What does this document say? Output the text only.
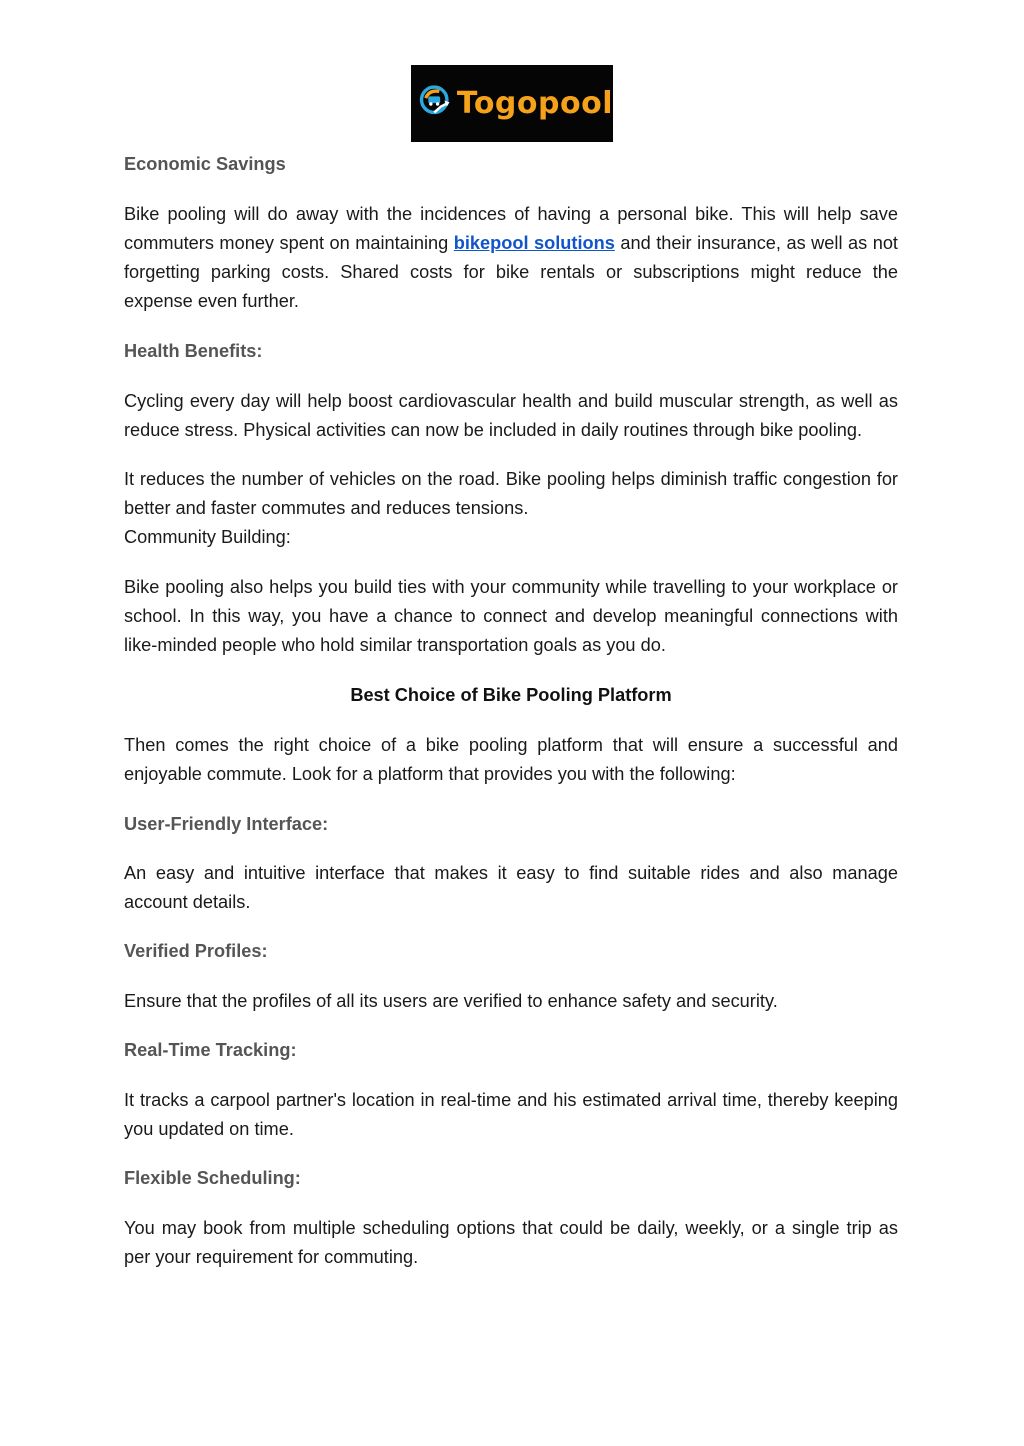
Togopool

Economic Savings

Bike pooling will do away with the incidences of having a personal bike. This will help save commuters money spent on maintaining bikepool solutions and their insurance, as well as not forgetting parking costs. Shared costs for bike rentals or subscriptions might reduce the expense even further.

Health Benefits:

Cycling every day will help boost cardiovascular health and build muscular strength, as well as reduce stress. Physical activities can now be included in daily routines through bike pooling.

It reduces the number of vehicles on the road. Bike pooling helps diminish traffic congestion for better and faster commutes and reduces tensions.

Community Building:

Bike pooling also helps you build ties with your community while travelling to your workplace or school. In this way, you have a chance to connect and develop meaningful connections with like-minded people who hold similar transportation goals as you do.

Best Choice of Bike Pooling Platform

Then comes the right choice of a bike pooling platform that will ensure a successful and enjoyable commute. Look for a platform that provides you with the following:

User-Friendly Interface:

An easy and intuitive interface that makes it easy to find suitable rides and also manage account details.

Verified Profiles:

Ensure that the profiles of all its users are verified to enhance safety and security.

Real-Time Tracking:

It tracks a carpool partner's location in real-time and his estimated arrival time, thereby keeping you updated on time.

Flexible Scheduling:

You may book from multiple scheduling options that could be daily, weekly, or a single trip as per your requirement for commuting.
